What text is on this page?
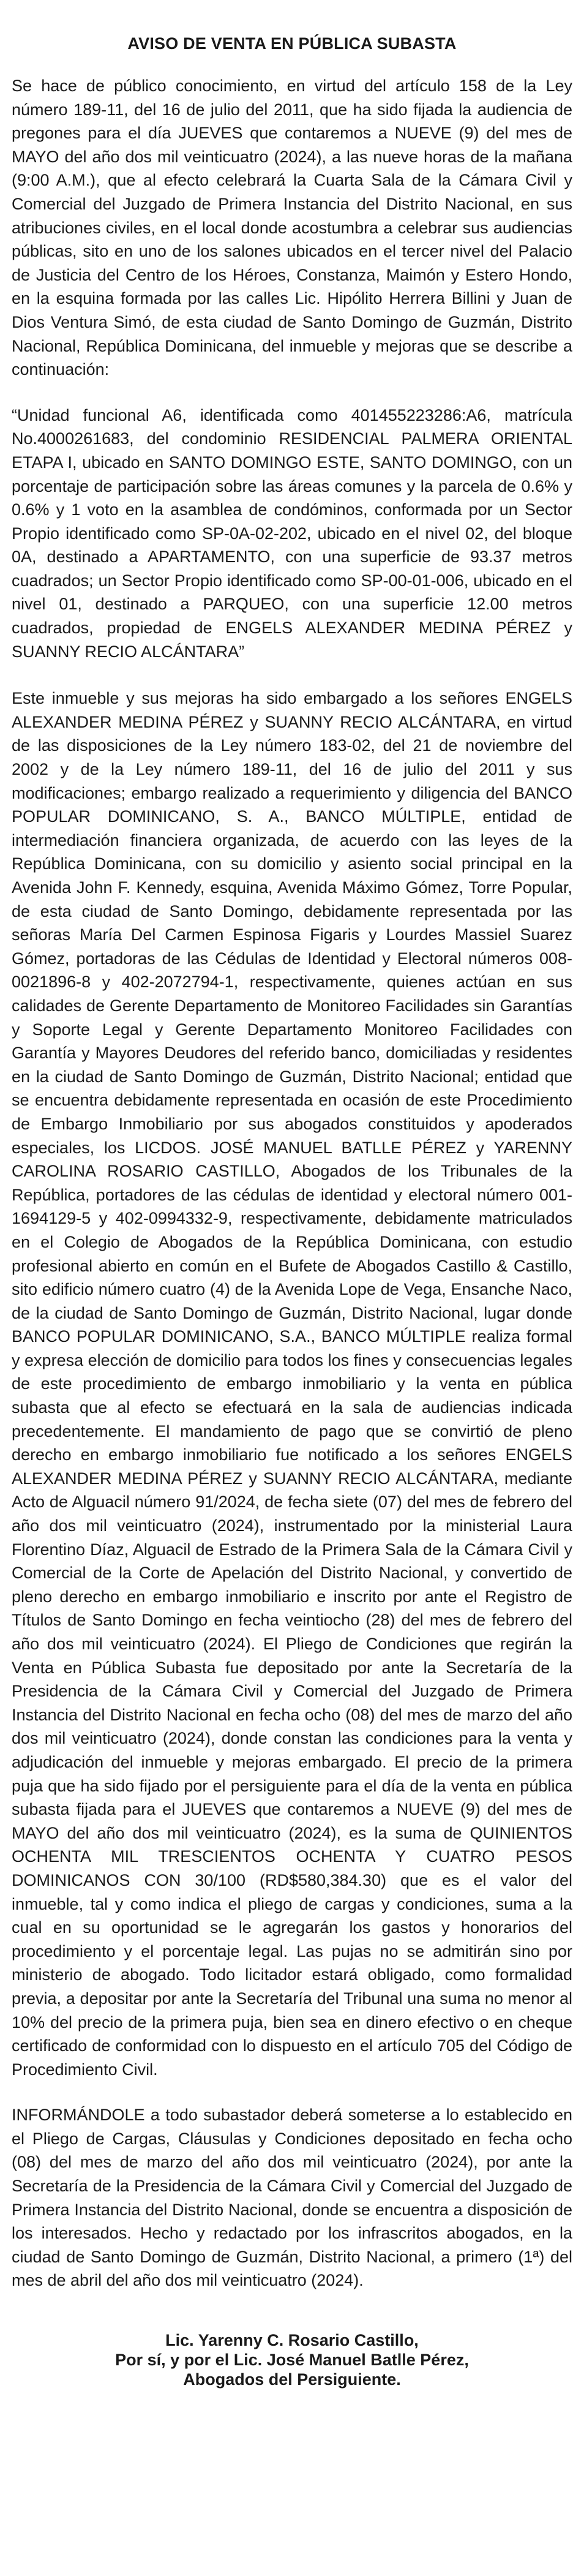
AVISO DE VENTA EN PÚBLICA SUBASTA
Se hace de público conocimiento, en virtud del artículo 158 de la Ley número 189-11, del 16 de julio del 2011, que ha sido fijada la audiencia de pregones para el día JUEVES que contaremos a NUEVE (9) del mes de MAYO del año dos mil veinticuatro (2024), a las nueve horas de la mañana (9:00 A.M.), que al efecto celebrará la Cuarta Sala de la Cámara Civil y Comercial del Juzgado de Primera Instancia del Distrito Nacional, en sus atribuciones civiles, en el local donde acostumbra a celebrar sus audiencias públicas, sito en uno de los salones ubicados en el tercer nivel del Palacio de Justicia del Centro de los Héroes, Constanza, Maimón y Estero Hondo, en la esquina formada por las calles Lic. Hipólito Herrera Billini y Juan de Dios Ventura Simó, de esta ciudad de Santo Domingo de Guzmán, Distrito Nacional, República Dominicana, del inmueble y mejoras que se describe a continuación:
“Unidad funcional A6, identificada como 401455223286:A6, matrícula No.4000261683, del condominio RESIDENCIAL PALMERA ORIENTAL ETAPA I, ubicado en SANTO DOMINGO ESTE, SANTO DOMINGO, con un porcentaje de participación sobre las áreas comunes y la parcela de 0.6% y 0.6% y 1 voto en la asamblea de condóminos, conformada por un Sector Propio identificado como SP-0A-02-202, ubicado en el nivel 02, del bloque 0A, destinado a APARTAMENTO, con una superficie de 93.37 metros cuadrados; un Sector Propio identificado como SP-00-01-006, ubicado en el nivel 01, destinado a PARQUEO, con una superficie 12.00 metros cuadrados, propiedad de ENGELS ALEXANDER MEDINA PÉREZ y SUANNY RECIO ALCÁNTARA”
Este inmueble y sus mejoras ha sido embargado a los señores ENGELS ALEXANDER MEDINA PÉREZ y SUANNY RECIO ALCÁNTARA, en virtud de las disposiciones de la Ley número 183-02, del 21 de noviembre del 2002 y de la Ley número 189-11, del 16 de julio del 2011 y sus modificaciones; embargo realizado a requerimiento y diligencia del BANCO POPULAR DOMINICANO, S. A., BANCO MÚLTIPLE, entidad de intermediación financiera organizada, de acuerdo con las leyes de la República Dominicana, con su domicilio y asiento social principal en la Avenida John F. Kennedy, esquina, Avenida Máximo Gómez, Torre Popular, de esta ciudad de Santo Domingo, debidamente representada por las señoras María Del Carmen Espinosa Figaris y Lourdes Massiel Suarez Gómez, portadoras de las Cédulas de Identidad y Electoral números 008-0021896-8 y 402-2072794-1, respectivamente, quienes actúan en sus calidades de Gerente Departamento de Monitoreo Facilidades sin Garantías y Soporte Legal y Gerente Departamento Monitoreo Facilidades con Garantía y Mayores Deudores del referido banco, domiciliadas y residentes en la ciudad de Santo Domingo de Guzmán, Distrito Nacional; entidad que se encuentra debidamente representada en ocasión de este Procedimiento de Embargo Inmobiliario por sus abogados constituidos y apoderados especiales, los LICDOS. JOSÉ MANUEL BATLLE PÉREZ y YARENNY CAROLINA ROSARIO CASTILLO, Abogados de los Tribunales de la República, portadores de las cédulas de identidad y electoral número 001-1694129-5 y 402-0994332-9, respectivamente, debidamente matriculados en el Colegio de Abogados de la República Dominicana, con estudio profesional abierto en común en el Bufete de Abogados Castillo & Castillo, sito edificio número cuatro (4) de la Avenida Lope de Vega, Ensanche Naco, de la ciudad de Santo Domingo de Guzmán, Distrito Nacional, lugar donde BANCO POPULAR DOMINICANO, S.A., BANCO MÚLTIPLE realiza formal y expresa elección de domicilio para todos los fines y consecuencias legales de este procedimiento de embargo inmobiliario y la venta en pública subasta que al efecto se efectuará en la sala de audiencias indicada precedentemente. El mandamiento de pago que se convirtió de pleno derecho en embargo inmobiliario fue notificado a los señores ENGELS ALEXANDER MEDINA PÉREZ y SUANNY RECIO ALCÁNTARA, mediante Acto de Alguacil número 91/2024, de fecha siete (07) del mes de febrero del año dos mil veinticuatro (2024), instrumentado por la ministerial Laura Florentino Díaz, Alguacil de Estrado de la Primera Sala de la Cámara Civil y Comercial de la Corte de Apelación del Distrito Nacional, y convertido de pleno derecho en embargo inmobiliario e inscrito por ante el Registro de Títulos de Santo Domingo en fecha veintiocho (28) del mes de febrero del año dos mil veinticuatro (2024). El Pliego de Condiciones que regirán la Venta en Pública Subasta fue depositado por ante la Secretaría de la Presidencia de la Cámara Civil y Comercial del Juzgado de Primera Instancia del Distrito Nacional en fecha ocho (08) del mes de marzo del año dos mil veinticuatro (2024), donde constan las condiciones para la venta y adjudicación del inmueble y mejoras embargado. El precio de la primera puja que ha sido fijado por el persiguiente para el día de la venta en pública subasta fijada para el JUEVES que contaremos a NUEVE (9) del mes de MAYO del año dos mil veinticuatro (2024), es la suma de QUINIENTOS OCHENTA MIL TRESCIENTOS OCHENTA Y CUATRO PESOS DOMINICANOS CON 30/100 (RD$580,384.30) que es el valor del inmueble, tal y como indica el pliego de cargas y condiciones, suma a la cual en su oportunidad se le agregarán los gastos y honorarios del procedimiento y el porcentaje legal. Las pujas no se admitirán sino por ministerio de abogado. Todo licitador estará obligado, como formalidad previa, a depositar por ante la Secretaría del Tribunal una suma no menor al 10% del precio de la primera puja, bien sea en dinero efectivo o en cheque certificado de conformidad con lo dispuesto en el artículo 705 del Código de Procedimiento Civil.
INFORMÁNDOLE a todo subastador deberá someterse a lo establecido en el Pliego de Cargas, Cláusulas y Condiciones depositado en fecha ocho (08) del mes de marzo del año dos mil veinticuatro (2024), por ante la Secretaría de la Presidencia de la Cámara Civil y Comercial del Juzgado de Primera Instancia del Distrito Nacional, donde se encuentra a disposición de los interesados. Hecho y redactado por los infrascritos abogados, en la ciudad de Santo Domingo de Guzmán, Distrito Nacional, a primero (1ª) del mes de abril del año dos mil veinticuatro (2024).
Lic. Yarenny C. Rosario Castillo,
Por sí, y por el Lic. José Manuel Batlle Pérez,
Abogados del Persiguiente.
